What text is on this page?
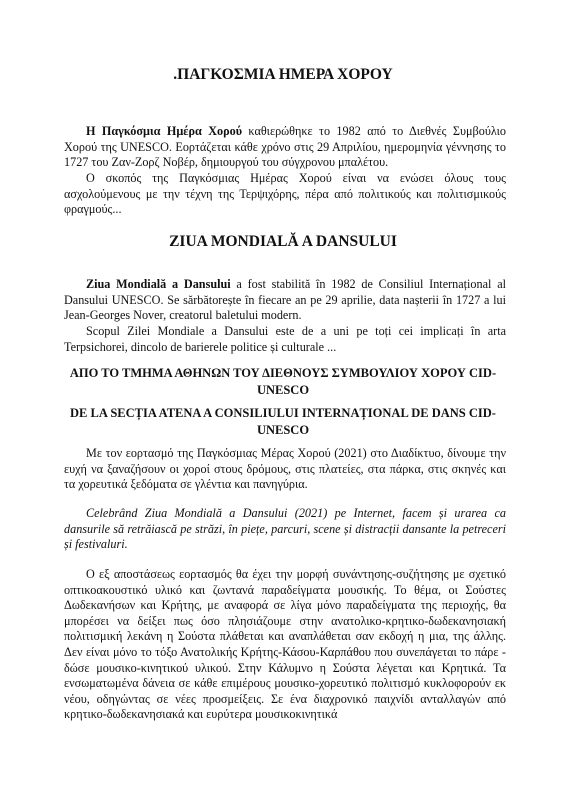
.ΠΑΓΚΟΣΜΙΑ ΗΜΕΡΑ ΧΟΡΟΥ

Η Παγκόσμια Ημέρα Χορού καθιερώθηκε το 1982 από το Διεθνές Συμβούλιο Χορού της UNESCO. Εορτάζεται κάθε χρόνο στις 29 Απριλίου, ημερομηνία γέννησης το 1727 του Ζαν-Ζορζ Νοβέρ, δημιουργού του σύγχρονου μπαλέτου.

Ο σκοπός της Παγκόσμιας Ημέρας Χορού είναι να ενώσει όλους τους ασχολούμενους με την τέχνη της Τερψιχόρης, πέρα από πολιτικούς και πολιτισμικούς φραγμούς...

ZIUA MONDIALĂ A DANSULUI

Ziua Mondială a Dansului a fost stabilită în 1982 de Consiliul Internațional al Dansului UNESCO. Se sărbătorește în fiecare an pe 29 aprilie, data nașterii în 1727 a lui Jean-Georges Nover, creatorul baletului modern.

Scopul Zilei Mondiale a Dansului este de a uni pe toți cei implicați în arta Terpsichorei, dincolo de barierele politice și culturale ...

ΑΠΟ ΤΟ ΤΜΗΜΑ ΑΘΗΝΩΝ ΤΟΥ ΔΙΕΘΝΟΥΣ ΣΥΜΒΟΥΛΙΟΥ ΧΟΡΟΥ CID-UNESCO
DE LA SECȚIA ATENA A CONSILIULUI INTERNAȚIONAL DE DANS CID-UNESCO

Με τον εορτασμό της Παγκόσμιας Μέρας Χορού (2021) στο Διαδίκτυο, δίνουμε την ευχή να ξαναζήσουν οι χοροί στους δρόμους, στις πλατείες, στα πάρκα, στις σκηνές και τα χορευτικά ξεδόματα σε γλέντια και πανηγύρια.

Celebrând Ziua Mondială a Dansului (2021) pe Internet, facem și urarea ca dansurile să retrăiască pe străzi, în piețe, parcuri, scene și distracții dansante la petreceri și festivaluri.

Ο εξ αποστάσεως εορτασμός θα έχει την μορφή συνάντησης-συζήτησης με σχετικό οπτικοακουστικό υλικό και ζωντανά παραδείγματα μουσικής. Το θέμα, οι Σούστες Δωδεκανήσων και Κρήτης, με αναφορά σε λίγα μόνο παραδείγματα της περιοχής, θα μπορέσει να δείξει πως όσο πλησιάζουμε στην ανατολικο-κρητικο-δωδεκανησιακή πολιτισμική λεκάνη η Σούστα πλάθεται και αναπλάθεται σαν εκδοχή η μια, της άλλης. Δεν είναι μόνο το τόξο Ανατολικής Κρήτης-Κάσου-Καρπάθου που συνεπάγεται το πάρε - δώσε μουσικο-κινητικού υλικού. Στην Κάλυμνο η Σούστα λέγεται και Κρητικά. Τα ενσωματωμένα δάνεια σε κάθε επιμέρους μουσικο-χορευτικό πολιτισμό κυκλοφορούν εκ νέου, οδηγώντας σε νέες προσμείξεις. Σε ένα διαχρονικό παιχνίδι ανταλλαγών από κρητικο-δωδεκανησιακά και ευρύτερα μουσικοκινητικά
